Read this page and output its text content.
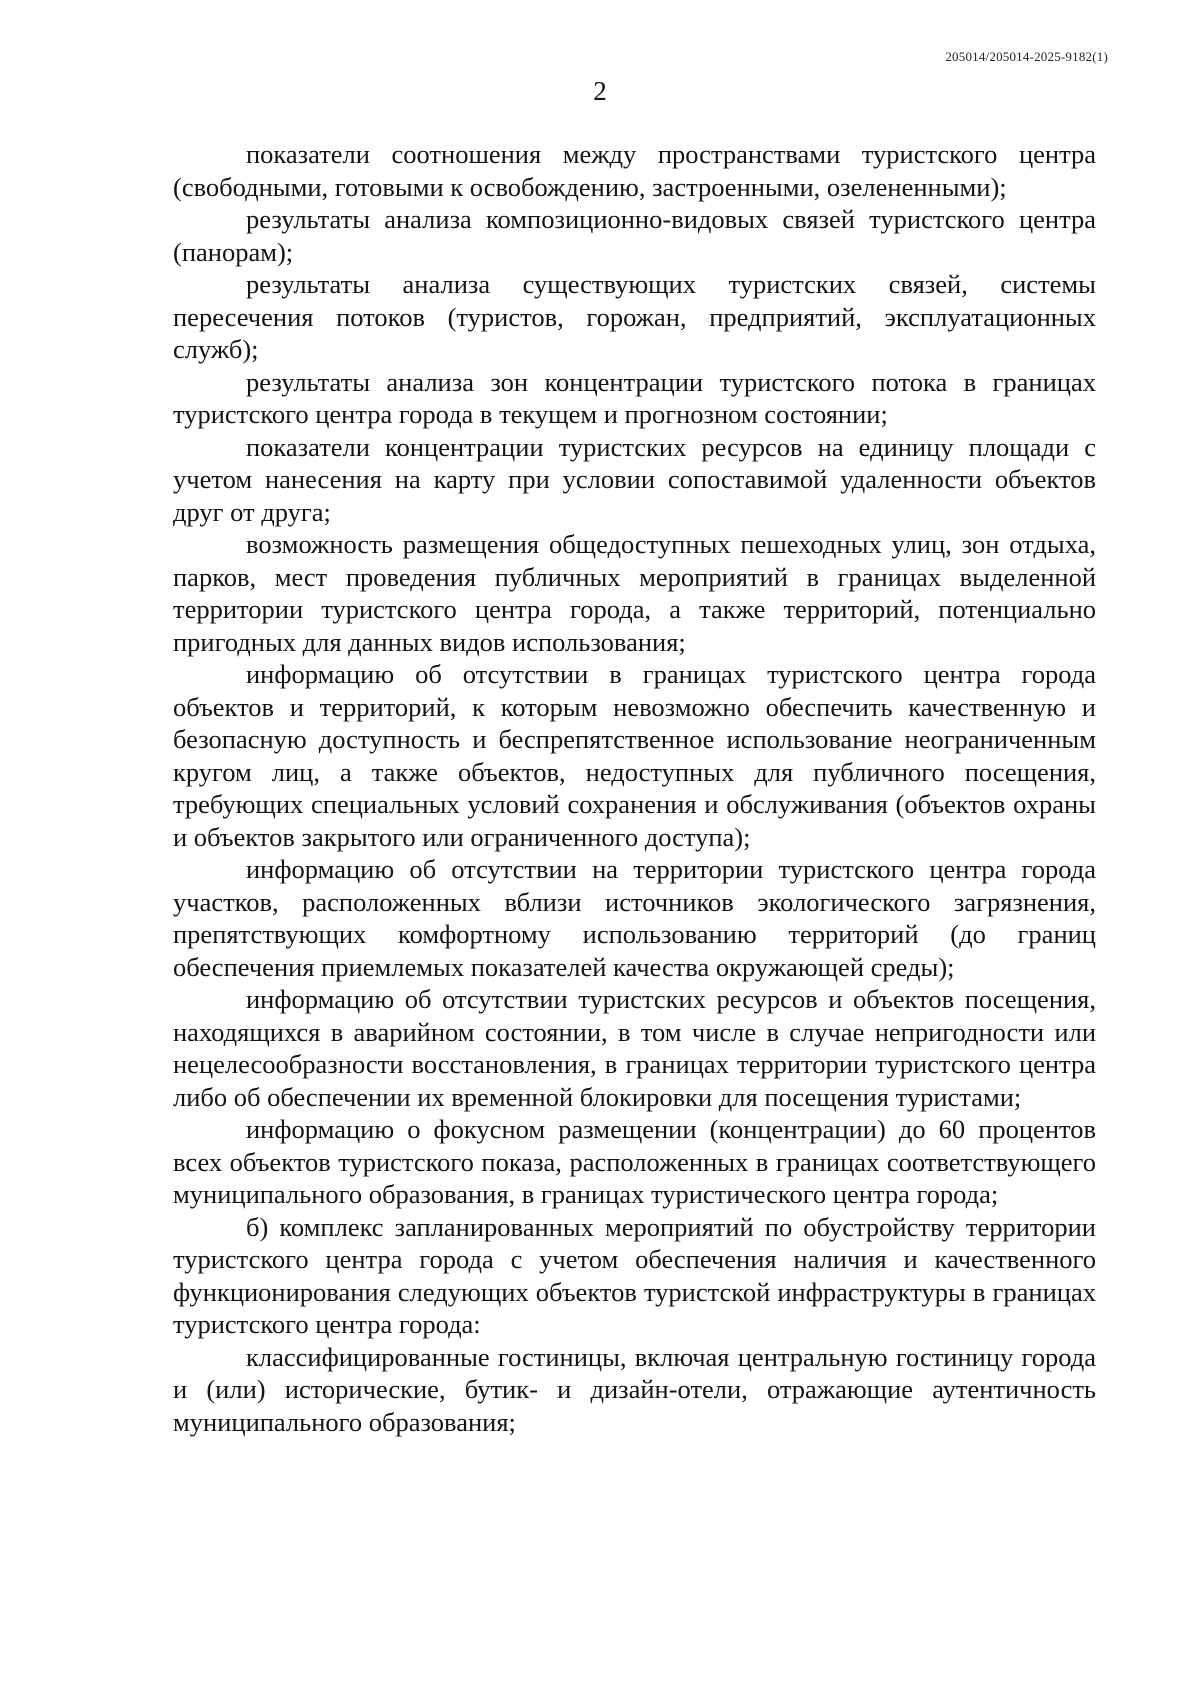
205014/205014-2025-9182(1)
2

показатели соотношения между пространствами туристского центра (свободными, готовыми к освобождению, застроенными, озелененными);

результаты анализа композиционно-видовых связей туристского центра (панорам);

результаты анализа существующих туристских связей, системы пересечения потоков (туристов, горожан, предприятий, эксплуатационных служб);

результаты анализа зон концентрации туристского потока в границах туристского центра города в текущем и прогнозном состоянии;

показатели концентрации туристских ресурсов на единицу площади с учетом нанесения на карту при условии сопоставимой удаленности объектов друг от друга;

возможность размещения общедоступных пешеходных улиц, зон отдыха, парков, мест проведения публичных мероприятий в границах выделенной территории туристского центра города, а также территорий, потенциально пригодных для данных видов использования;

информацию об отсутствии в границах туристского центра города объектов и территорий, к которым невозможно обеспечить качественную и безопасную доступность и беспрепятственное использование неограниченным кругом лиц, а также объектов, недоступных для публичного посещения, требующих специальных условий сохранения и обслуживания (объектов охраны и объектов закрытого или ограниченного доступа);

информацию об отсутствии на территории туристского центра города участков, расположенных вблизи источников экологического загрязнения, препятствующих комфортному использованию территорий (до границ обеспечения приемлемых показателей качества окружающей среды);

информацию об отсутствии туристских ресурсов и объектов посещения, находящихся в аварийном состоянии, в том числе в случае непригодности или нецелесообразности восстановления, в границах территории туристского центра либо об обеспечении их временной блокировки для посещения туристами;

информацию о фокусном размещении (концентрации) до 60 процентов всех объектов туристского показа, расположенных в границах соответствующего муниципального образования, в границах туристического центра города;

б) комплекс запланированных мероприятий по обустройству территории туристского центра города с учетом обеспечения наличия и качественного функционирования следующих объектов туристской инфраструктуры в границах туристского центра города:

классифицированные гостиницы, включая центральную гостиницу города и (или) исторические, бутик- и дизайн-отели, отражающие аутентичность муниципального образования;
